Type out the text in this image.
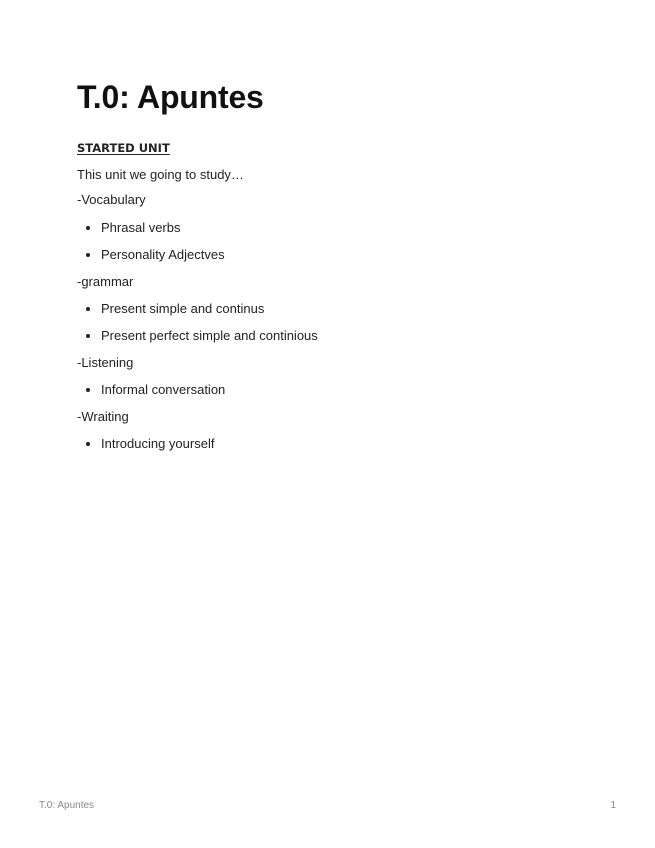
T.0: Apuntes
STARTED UNIT

This unit we going to study…

-Vocabulary

Phrasal verbs
Personality Adjectves

-grammar

Present simple and continus
Present perfect simple and continious

-Listening

Informal conversation

-Wraiting

Introducing yourself
T.0: Apuntes	1
